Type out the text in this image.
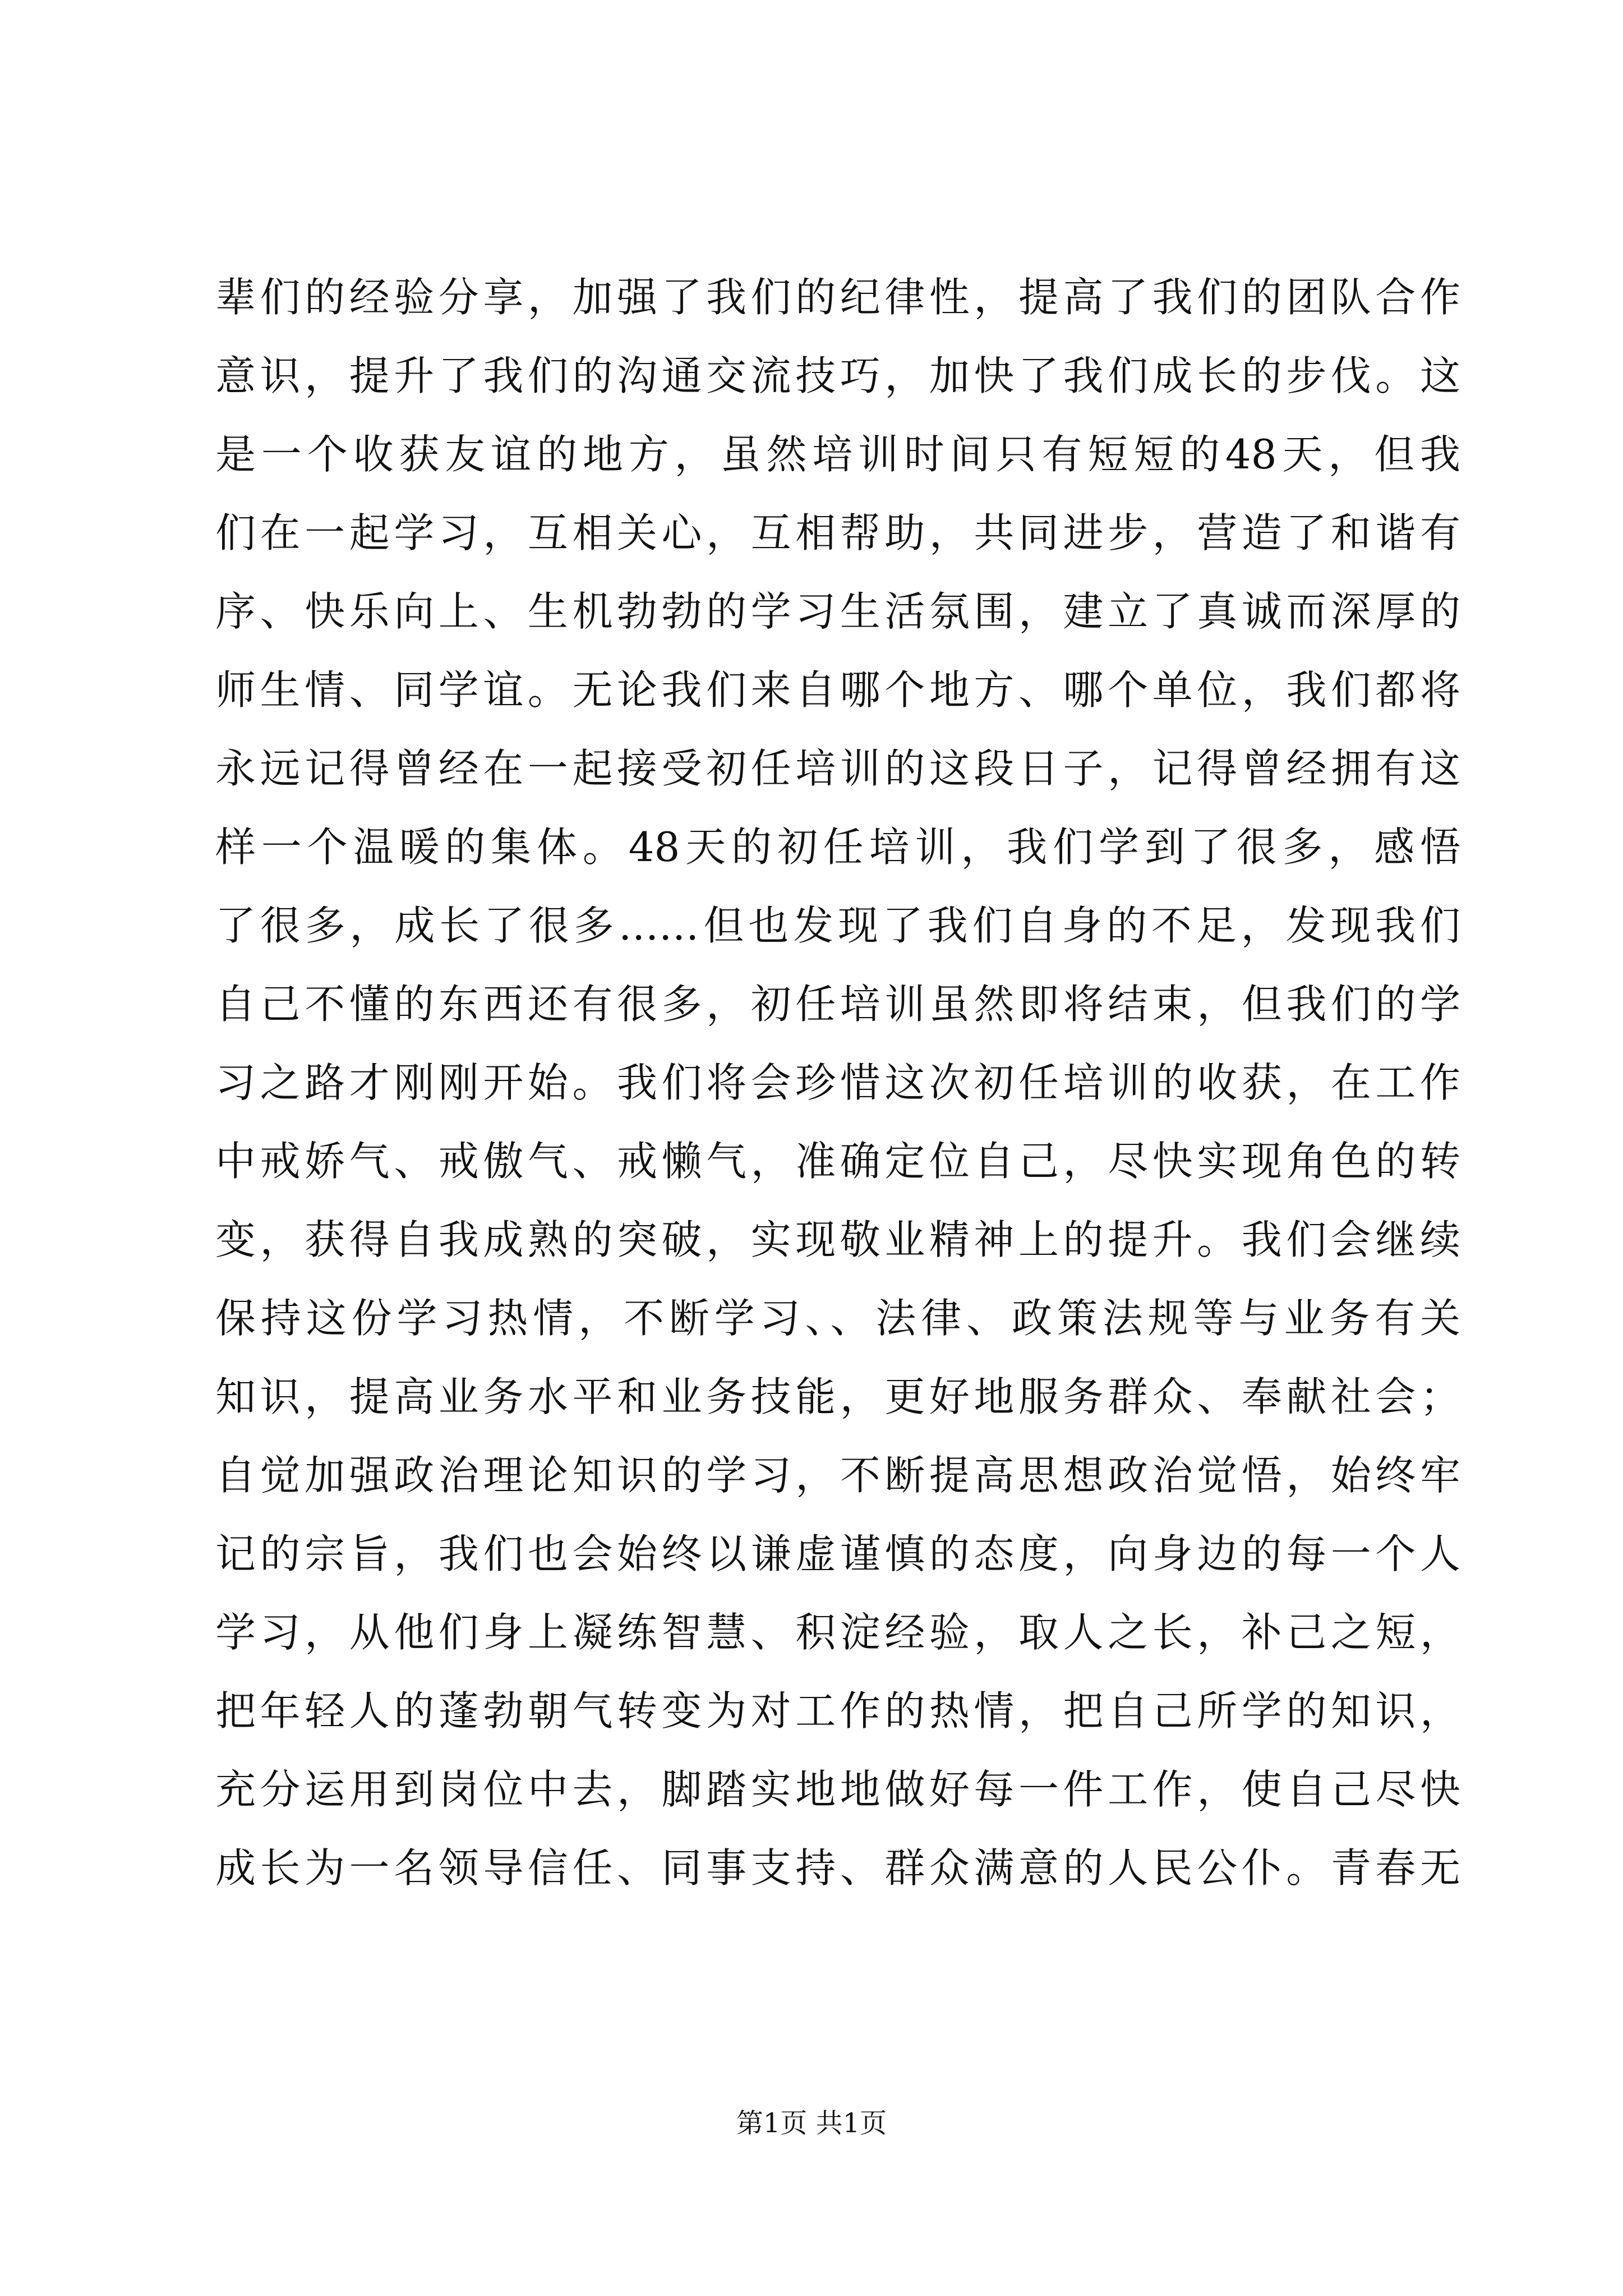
辈们的经验分享，加强了我们的纪律性，提高了我们的团队合作
意识，提升了我们的沟通交流技巧，加快了我们成长的步伐。这
是一个收获友谊的地方，虽然培训时间只有短短的48天，但我
们在一起学习，互相关心，互相帮助，共同进步，营造了和谐有
序、快乐向上、生机勃勃的学习生活氛围，建立了真诚而深厚的
师生情、同学谊。无论我们来自哪个地方、哪个单位，我们都将
永远记得曾经在一起接受初任培训的这段日子，记得曾经拥有这
样一个温暖的集体。48天的初任培训，我们学到了很多，感悟
了很多，成长了很多……但也发现了我们自身的不足，发现我们
自己不懂的东西还有很多，初任培训虽然即将结束，但我们的学
习之路才刚刚开始。我们将会珍惜这次初任培训的收获，在工作
中戒娇气、戒傲气、戒懒气，准确定位自己，尽快实现角色的转
变，获得自我成熟的突破，实现敬业精神上的提升。我们会继续
保持这份学习热情，不断学习、、法律、政策法规等与业务有关
知识，提高业务水平和业务技能，更好地服务群众、奉献社会；
自觉加强政治理论知识的学习，不断提高思想政治觉悟，始终牢
记的宗旨，我们也会始终以谦虚谨慎的态度，向身边的每一个人
学习，从他们身上凝练智慧、积淀经验，取人之长，补己之短，
把年轻人的蓬勃朝气转变为对工作的热情，把自己所学的知识，
充分运用到岗位中去，脚踏实地地做好每一件工作，使自己尽快
成长为一名领导信任、同事支持、群众满意的人民公仆。青春无
第1页 共1页
